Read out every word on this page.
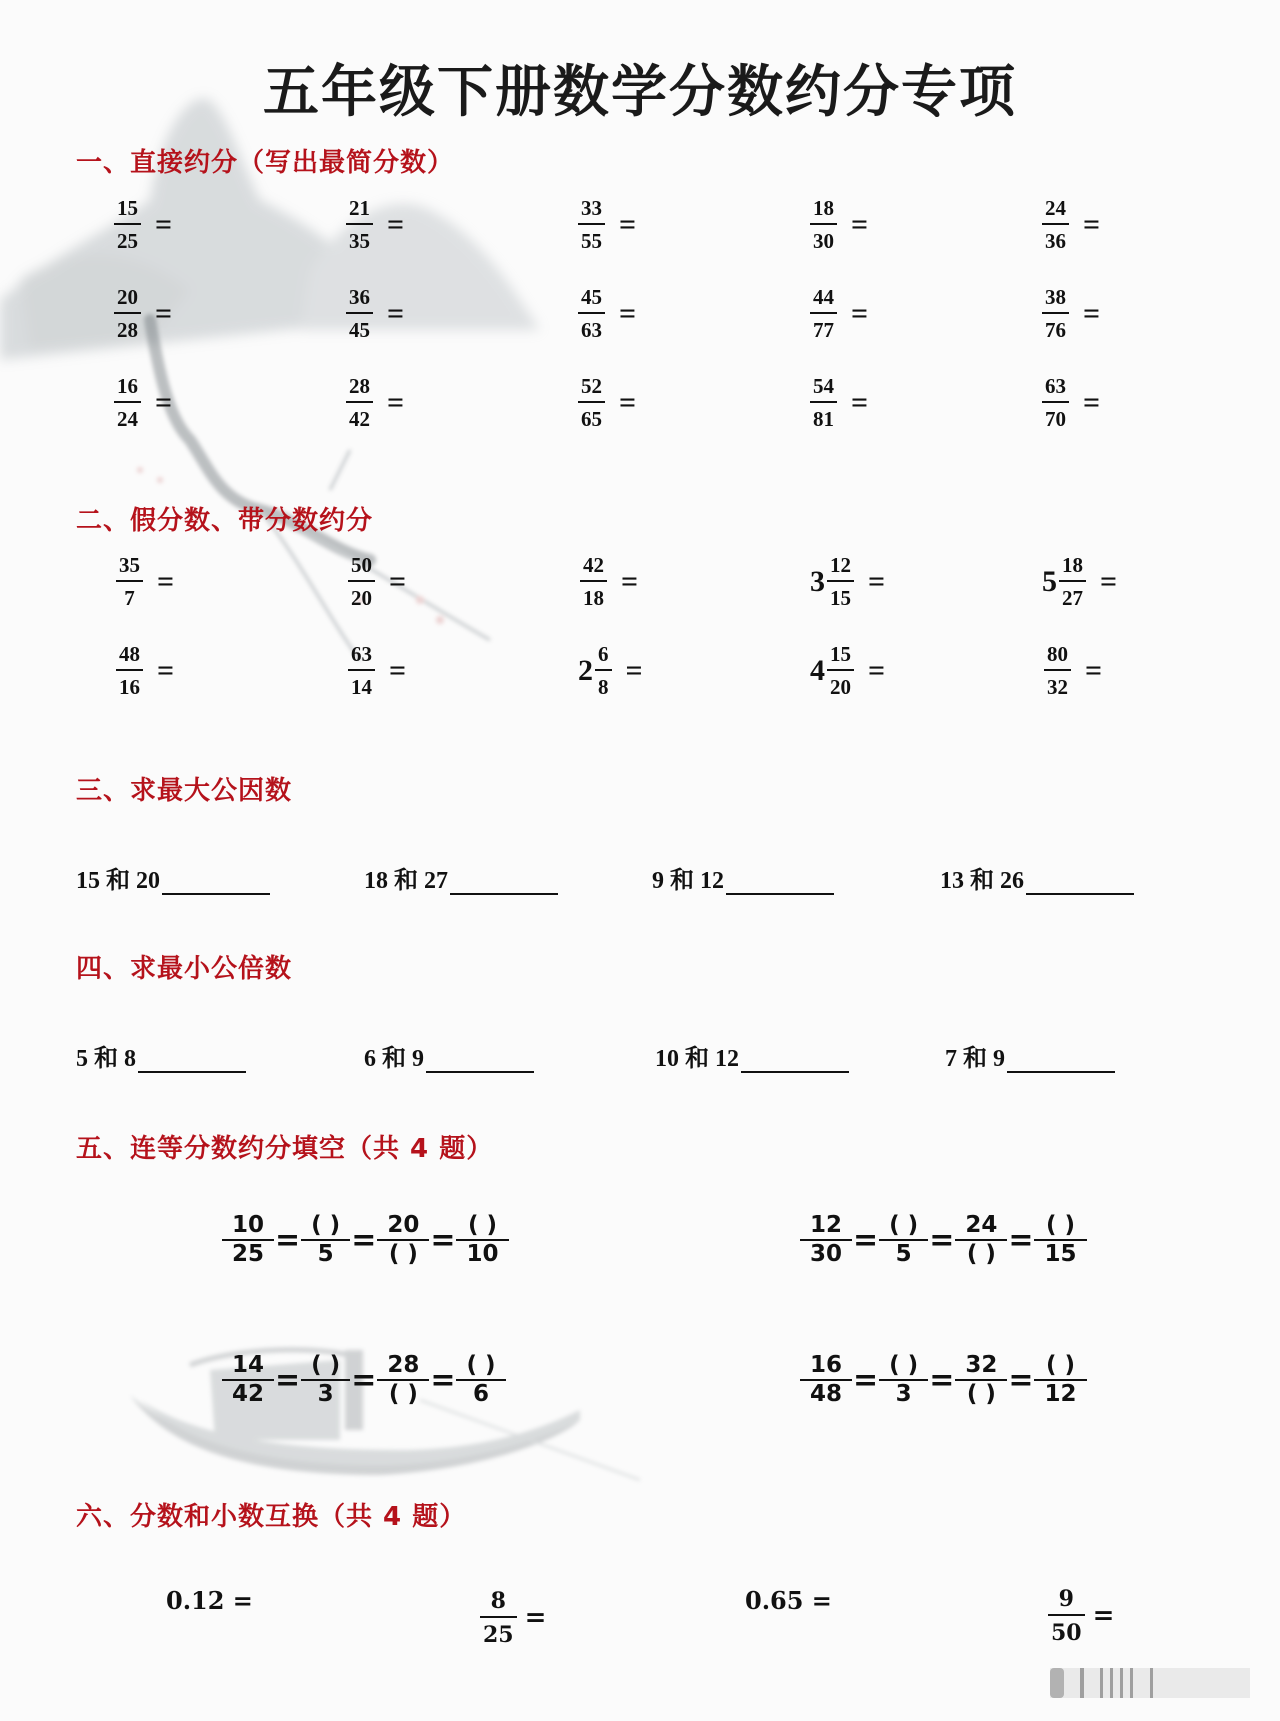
五年级下册数学分数约分专项
一、直接约分（写出最简分数）
$\frac{15}{25}$ =	$\frac{21}{35}$ =	$\frac{33}{55}$ =	$\frac{18}{30}$ =	$\frac{24}{36}$ =
$\frac{20}{28}$ =	$\frac{36}{45}$ =	$\frac{45}{63}$ =	$\frac{44}{77}$ =	$\frac{38}{76}$ =
$\frac{16}{24}$ =	$\frac{28}{42}$ =	$\frac{52}{65}$ =	$\frac{54}{81}$ =	$\frac{63}{70}$ =
二、假分数、带分数约分
$\frac{35}{7}$ =	$\frac{50}{20}$ =	$\frac{42}{18}$ =	$3 \frac{12}{15}$ =	$5 \frac{18}{27}$ =
$\frac{48}{16}$ =	$\frac{63}{14}$ =	$2 \frac{6}{8}$ =	$4 \frac{15}{20}$ =	$\frac{80}{32}$ =
三、求最大公因数
15 和 20	18 和 27	9 和 12	13 和 26
四、求最小公倍数
5 和 8	6 和 9	10 和 12	7 和 9
五、连等分数约分填空（共 4 题）
$\frac{10}{25} = \frac{( )}{5} = \frac{20}{( )} = \frac{( )}{10}$	$\frac{12}{30} = \frac{( )}{5} = \frac{24}{( )} = \frac{( )}{15}$
$\frac{14}{42} = \frac{( )}{3} = \frac{28}{( )} = \frac{( )}{6}$	$\frac{16}{48} = \frac{( )}{3} = \frac{32}{( )} = \frac{( )}{12}$
六、分数和小数互换（共 4 题）
0.12 =	$\frac{8}{25}$ =
0.65 =	$\frac{9}{50}$ =
